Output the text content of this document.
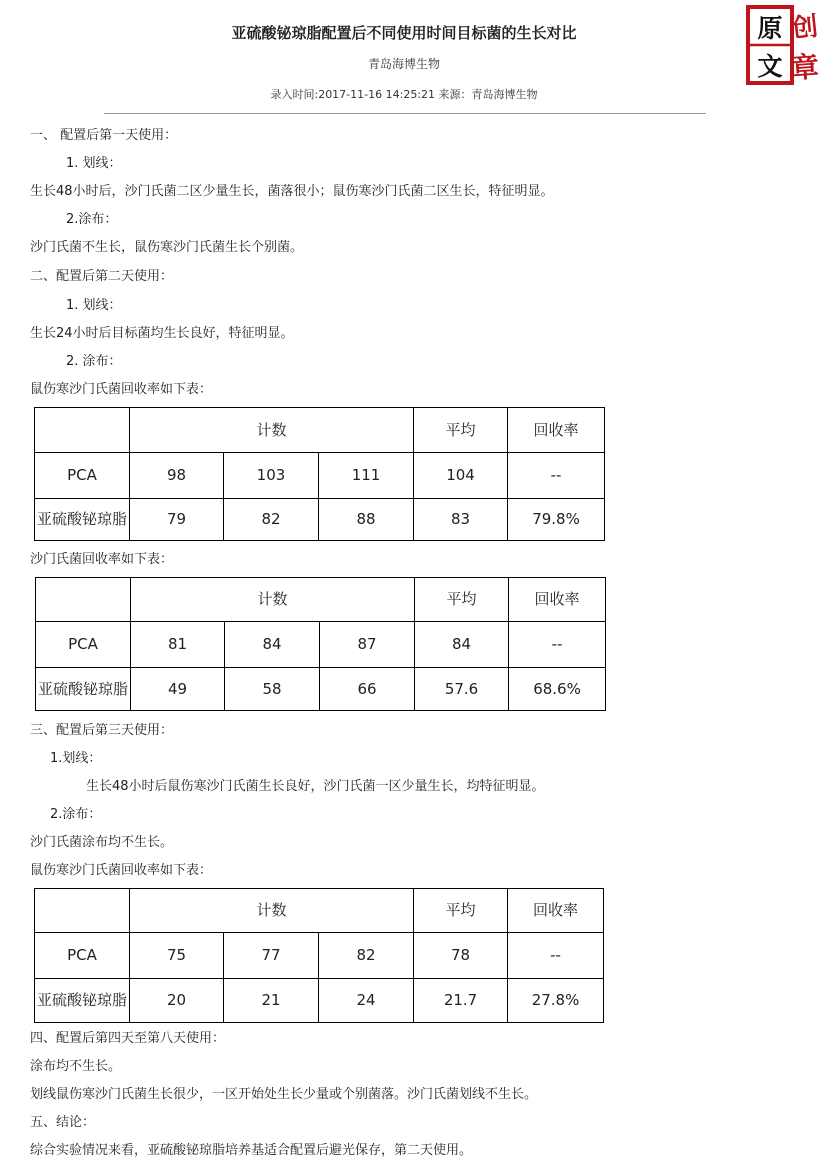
原
文
创
章
亚硫酸铋琼脂配置后不同使用时间目标菌的生长对比
青岛海博生物
录入时间:2017-11-16 14:25:21 来源：青岛海博生物
一、 配置后第一天使用：
1. 划线：
生长48小时后，沙门氏菌二区少量生长，菌落很小；鼠伤寒沙门氏菌二区生长，特征明显。
2.涂布：
沙门氏菌不生长，鼠伤寒沙门氏菌生长个别菌。
二、配置后第二天使用：
1. 划线：
生长24小时后目标菌均生长良好，特征明显。
2. 涂布：
鼠伤寒沙门氏菌回收率如下表：
	计数			平均	回收率
PCA	98	103	111	104	--
亚硫酸铋琼脂	79	82	88	83	79.8%
沙门氏菌回收率如下表：
	计数			平均	回收率
PCA	81	84	87	84	--
亚硫酸铋琼脂	49	58	66	57.6	68.6%
三、配置后第三天使用：
1.划线：
生长48小时后鼠伤寒沙门氏菌生长良好，沙门氏菌一区少量生长，均特征明显。
2.涂布：
沙门氏菌涂布均不生长。
鼠伤寒沙门氏菌回收率如下表：
	计数			平均	回收率
PCA	75	77	82	78	--
亚硫酸铋琼脂	20	21	24	21.7	27.8%
四、配置后第四天至第八天使用：
涂布均不生长。
划线鼠伤寒沙门氏菌生长很少，一区开始处生长少量或个别菌落。沙门氏菌划线不生长。
五、结论：
综合实验情况来看，亚硫酸铋琼脂培养基适合配置后避光保存，第二天使用。
